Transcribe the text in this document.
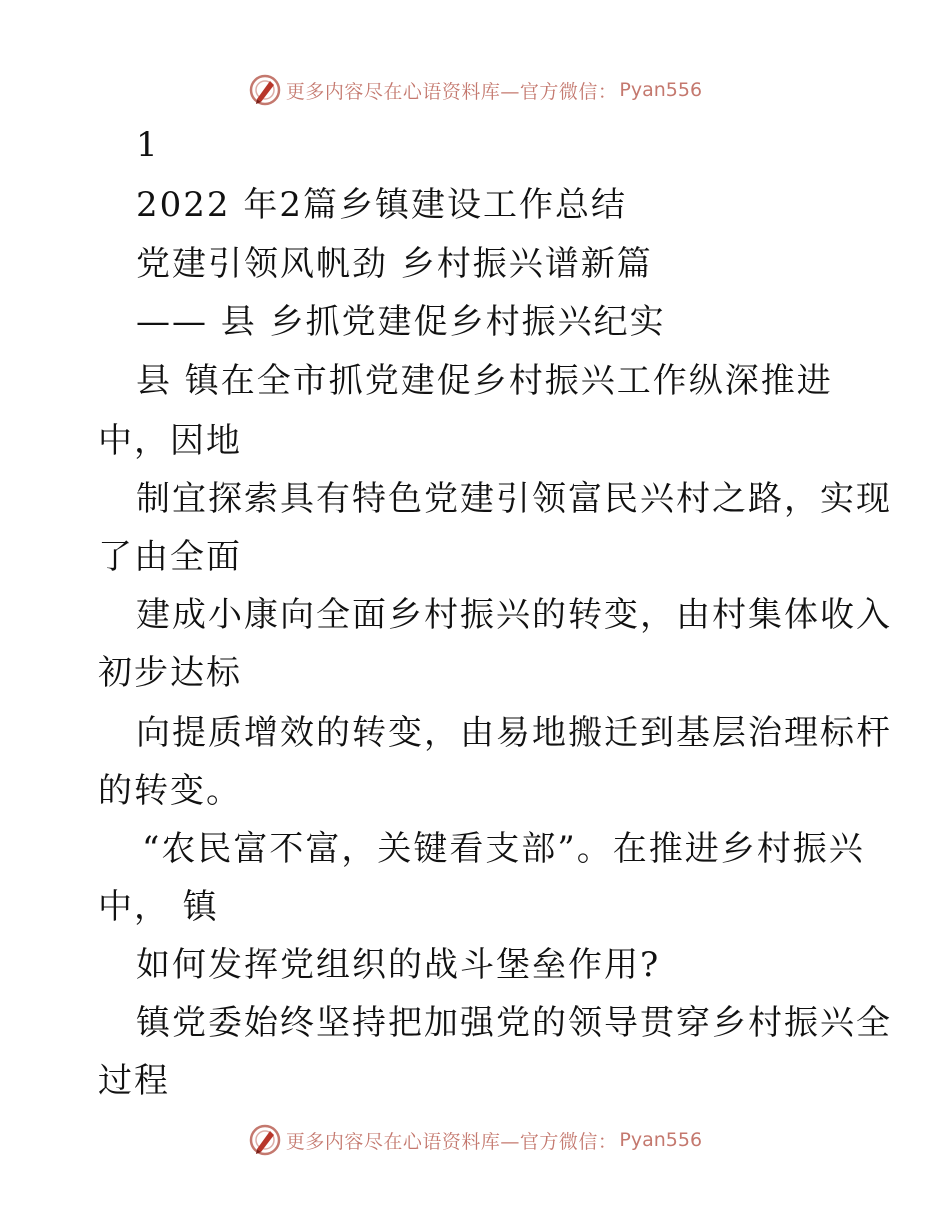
更多内容尽在心语资料库—官方微信： Pyan556
1
2022 年2篇乡镇建设工作总结
党建引领风帆劲 乡村振兴谱新篇
—— 县 乡抓党建促乡村振兴纪实
县 镇在全市抓党建促乡村振兴工作纵深推进
中，因地
制宜探索具有特色党建引领富民兴村之路，实现
了由全面
建成小康向全面乡村振兴的转变，由村集体收入
初步达标
向提质增效的转变，由易地搬迁到基层治理标杆
的转变。
“农民富不富，关键看支部”。在推进乡村振兴
中， 镇
如何发挥党组织的战斗堡垒作用?
镇党委始终坚持把加强党的领导贯穿乡村振兴全
过程
更多内容尽在心语资料库—官方微信： Pyan556
